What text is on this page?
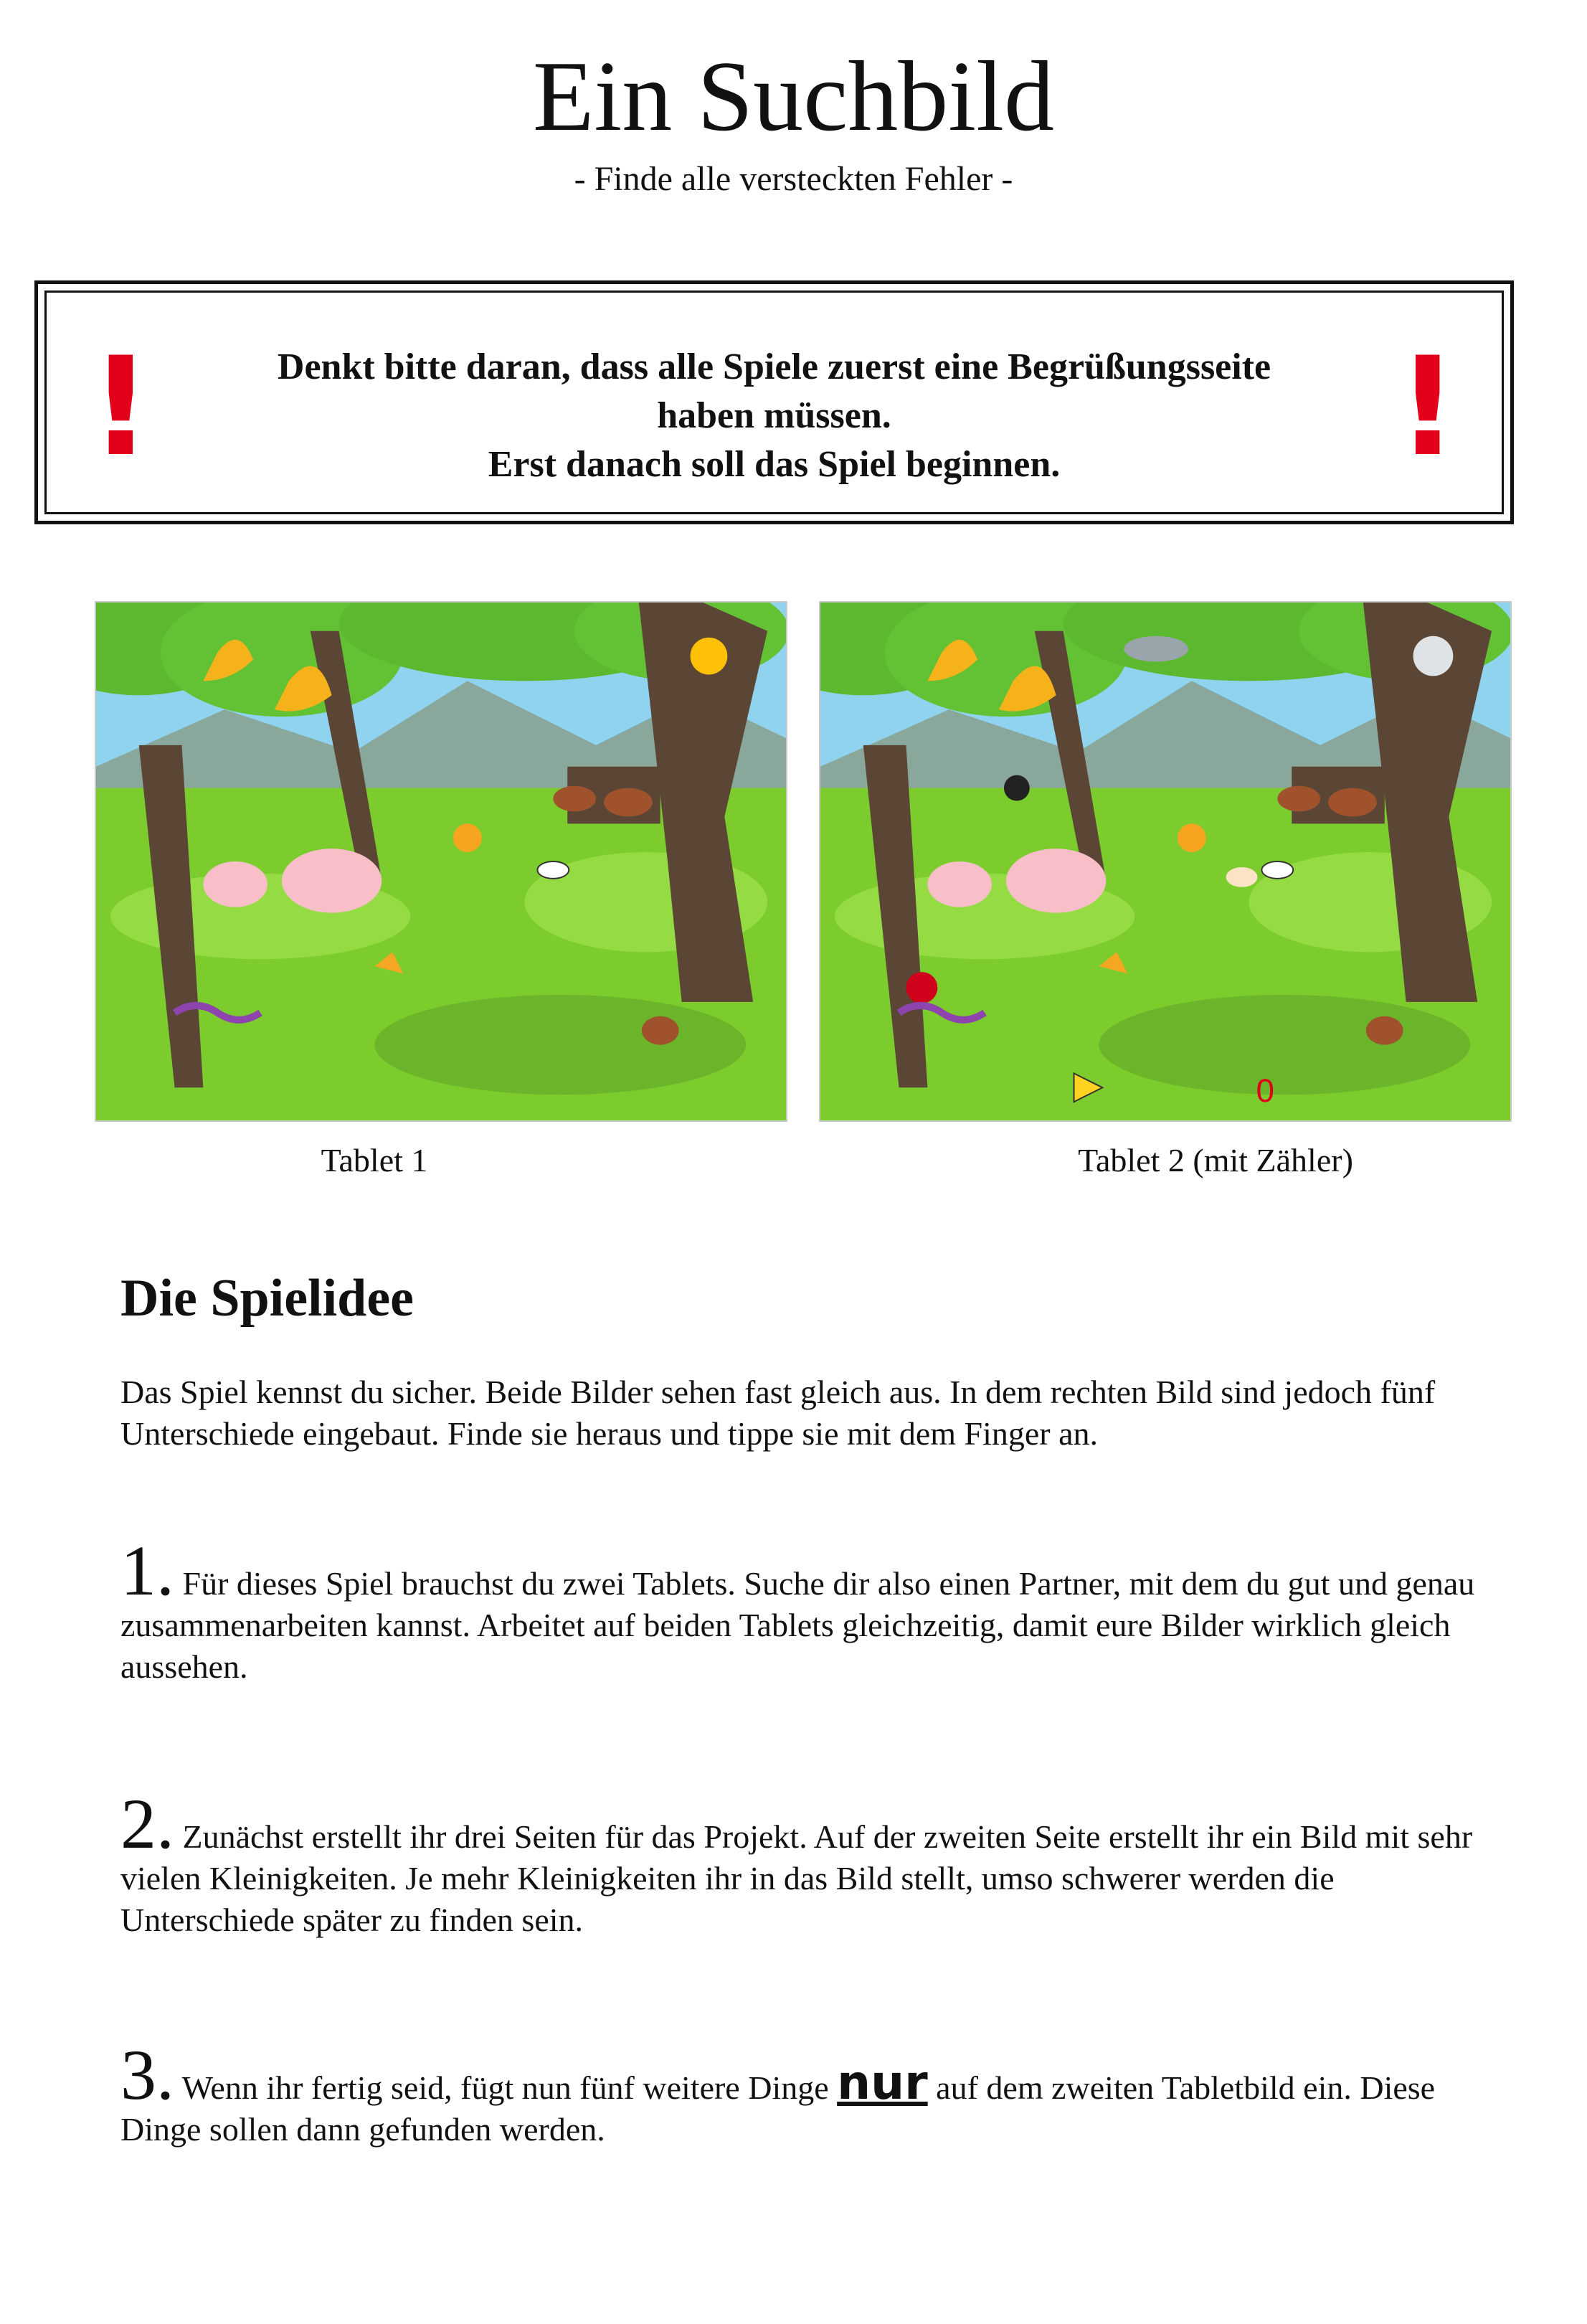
Ein Suchbild
- Finde alle versteckten Fehler -
!	Denkt bitte daran, dass alle Spiele zuerst eine Begrüßungsseite
haben müssen.
Erst danach soll das Spiel beginnen.	!
0
Tablet 1	Tablet 2 (mit Zähler)
Die Spielidee
Das Spiel kennst du sicher. Beide Bilder sehen fast gleich aus. In dem rechten Bild sind jedoch fünf Unterschiede eingebaut. Finde sie heraus und tippe sie mit dem Finger an.
1. Für dieses Spiel brauchst du zwei Tablets. Suche dir also einen Partner, mit dem du gut und genau zusammenarbeiten kannst. Arbeitet auf beiden Tablets gleichzeitig, damit eure Bilder wirklich gleich aussehen.
2. Zunächst erstellt ihr drei Seiten für das Projekt. Auf der zweiten Seite erstellt ihr ein Bild mit sehr vielen Kleinigkeiten. Je mehr Kleinigkeiten ihr in das Bild stellt, umso schwerer werden die Unterschiede später zu finden sein.
3. Wenn ihr fertig seid, fügt nun fünf weitere Dinge nur auf dem zweiten Tabletbild ein. Diese Dinge sollen dann gefunden werden.
